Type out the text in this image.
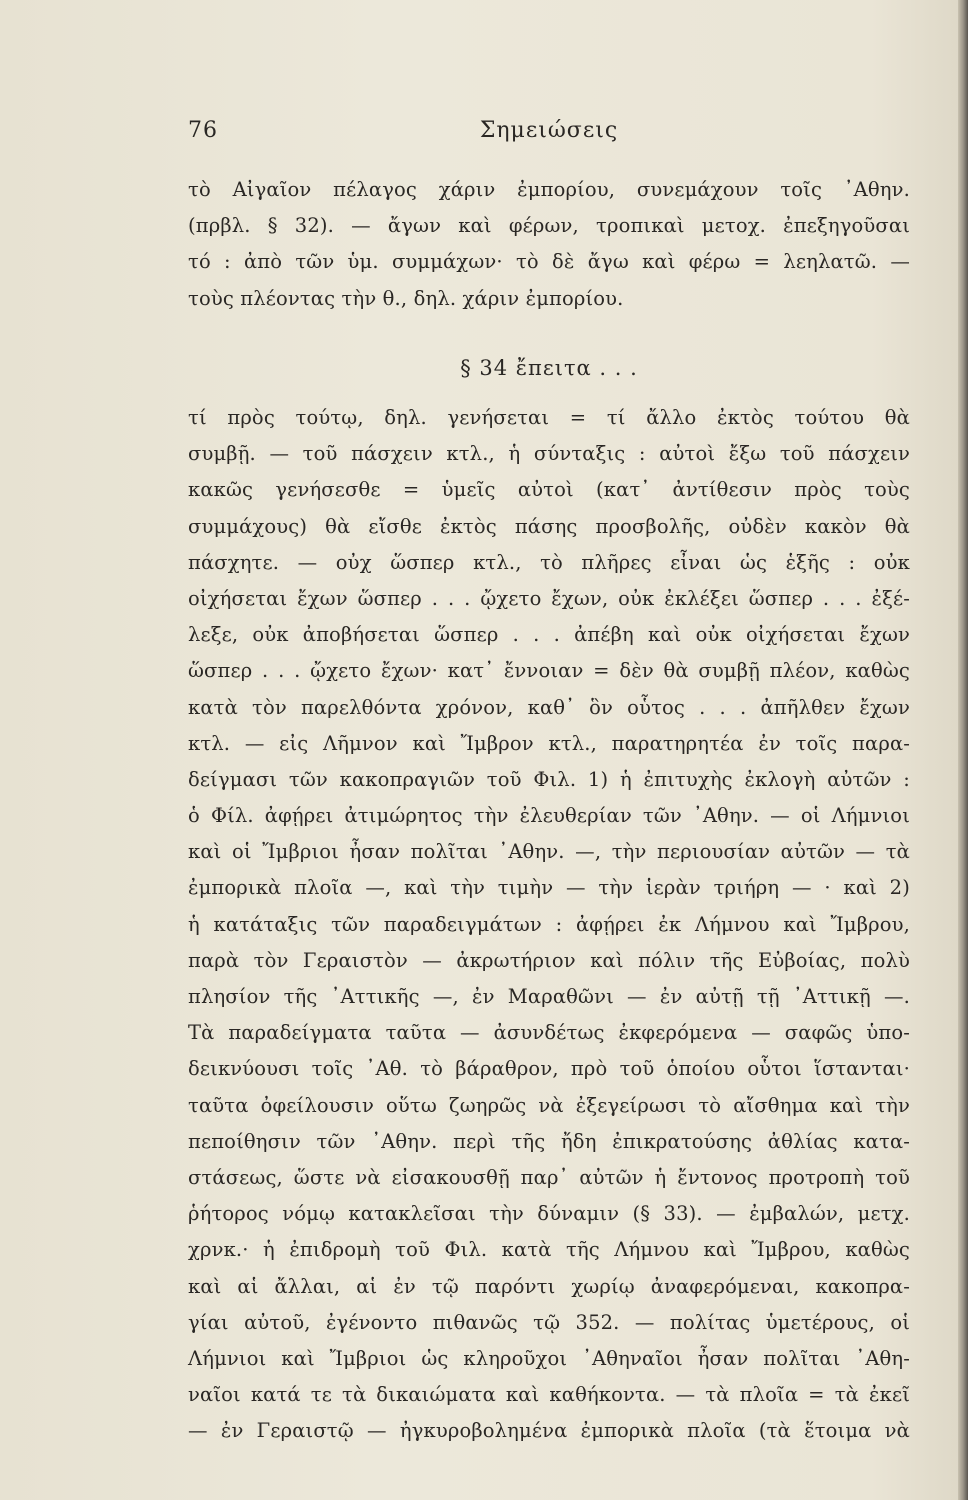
76	Σημειώσεις
τὸ Αἰγαῖον πέλαγος χάριν ἐμπορίου, συνεμάχουν τοῖς ᾿Αθην.
(πρβλ. § 32). — ἄγων καὶ φέρων, τροπικαὶ μετοχ. ἐπεξηγοῦσαι
τό : ἀπὸ τῶν ὑμ. συμμάχων· τὸ δὲ ἄγω καὶ φέρω = λεηλατῶ. —
τοὺς πλέοντας τὴν θ., δηλ. χάριν ἐμπορίου.
§ 34 ἔπειτα . . .
τί πρὸς τούτῳ, δηλ. γενήσεται = τί ἄλλο ἐκτὸς τούτου θὰ
συμβῇ. — τοῦ πάσχειν κτλ., ἡ σύνταξις : αὐτοὶ ἔξω τοῦ πάσχειν
κακῶς γενήσεσθε = ὑμεῖς αὐτοὶ (κατ᾽ ἀντίθεσιν πρὸς τοὺς
συμμάχους) θὰ εἴσθε ἐκτὸς πάσης προσβολῆς, οὐδὲν κακὸν θὰ
πάσχητε. — οὐχ ὥσπερ κτλ., τὸ πλῆρες εἶναι ὡς ἑξῆς : οὐκ
οἰχήσεται ἔχων ὥσπερ . . . ᾤχετο ἔχων, οὐκ ἐκλέξει ὥσπερ . . . ἐξέ-
λεξε, οὐκ ἀποβήσεται ὥσπερ . . . ἀπέβη καὶ οὐκ οἰχήσεται ἔχων
ὥσπερ . . . ᾤχετο ἔχων· κατ᾽ ἔννοιαν = δὲν θὰ συμβῇ πλέον, καθὼς
κατὰ τὸν παρελθόντα χρόνον, καθ᾽ ὃν οὗτος . . . ἀπῆλθεν ἔχων
κτλ. — εἰς Λῆμνον καὶ Ἴμβρον κτλ., παρατηρητέα ἐν τοῖς παρα-
δείγμασι τῶν κακοπραγιῶν τοῦ Φιλ. 1) ἡ ἐπιτυχὴς ἐκλογὴ αὐτῶν :
ὁ Φίλ. ἀφῄρει ἀτιμώρητος τὴν ἐλευθερίαν τῶν ᾿Αθην. — οἱ Λήμνιοι
καὶ οἱ Ἴμβριοι ἦσαν πολῖται ᾿Αθην. —, τὴν περιουσίαν αὐτῶν — τὰ
ἐμπορικὰ πλοῖα —, καὶ τὴν τιμὴν — τὴν ἱερὰν τριήρη — · καὶ 2)
ἡ κατάταξις τῶν παραδειγμάτων : ἀφῄρει ἐκ Λήμνου καὶ Ἴμβρου,
παρὰ τὸν Γεραιστὸν — ἀκρωτήριον καὶ πόλιν τῆς Εὐβοίας, πολὺ
πλησίον τῆς ᾿Αττικῆς —, ἐν Μαραθῶνι — ἐν αὐτῇ τῇ ᾿Αττικῇ —.
Τὰ παραδείγματα ταῦτα — ἀσυνδέτως ἐκφερόμενα — σαφῶς ὑπο-
δεικνύουσι τοῖς ᾿Αθ. τὸ βάραθρον, πρὸ τοῦ ὁποίου οὗτοι ἵστανται·
ταῦτα ὀφείλουσιν οὕτω ζωηρῶς νὰ ἐξεγείρωσι τὸ αἴσθημα καὶ τὴν
πεποίθησιν τῶν ᾿Αθην. περὶ τῆς ἤδη ἐπικρατούσης ἀθλίας κατα-
στάσεως, ὥστε νὰ εἰσακουσθῇ παρ᾽ αὐτῶν ἡ ἔντονος προτροπὴ τοῦ
ῥήτορος νόμῳ κατακλεῖσαι τὴν δύναμιν (§ 33). — ἐμβαλών, μετχ.
χρνκ.· ἡ ἐπιδρομὴ τοῦ Φιλ. κατὰ τῆς Λήμνου καὶ Ἴμβρου, καθὼς
καὶ αἱ ἄλλαι, αἱ ἐν τῷ παρόντι χωρίῳ ἀναφερόμεναι, κακοπρα-
γίαι αὐτοῦ, ἐγένοντο πιθανῶς τῷ 352. — πολίτας ὑμετέρους, οἱ
Λήμνιοι καὶ Ἴμβριοι ὡς κληροῦχοι ᾿Αθηναῖοι ἦσαν πολῖται ᾿Αθη-
ναῖοι κατά τε τὰ δικαιώματα καὶ καθήκοντα. — τὰ πλοῖα = τὰ ἐκεῖ
— ἐν Γεραιστῷ — ἠγκυροβολημένα ἐμπορικὰ πλοῖα (τὰ ἕτοιμα νὰ
